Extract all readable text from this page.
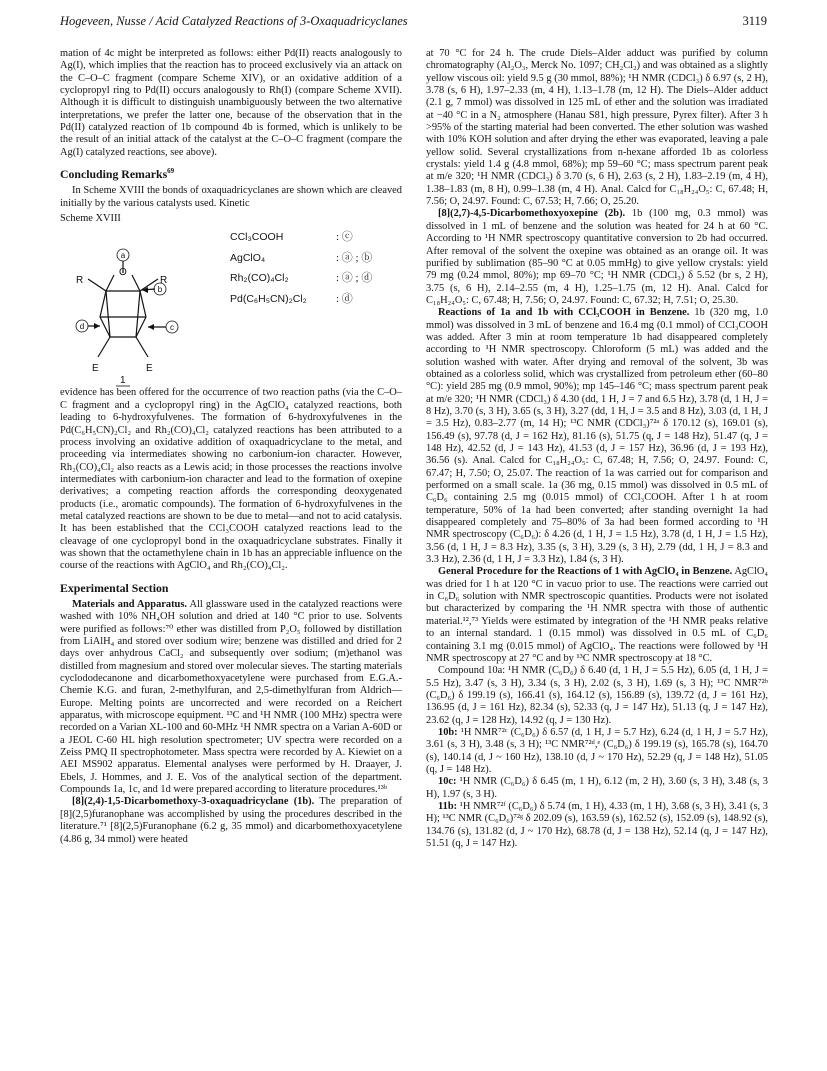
Hogeveen, Nusse / Acid Catalyzed Reactions of 3-Oxaquadricyclanes	3119

mation of 4c might be interpreted as follows: either Pd(II) reacts analogously to Ag(I), which implies that the reaction has to proceed exclusively via an attack on the C–O–C fragment (compare Scheme XIV), or an oxidative addition of a cyclopropyl ring to Pd(II) occurs analogously to Rh(I) (compare Scheme XVII). Although it is difficult to distinguish unambiguously between the two alternative interpretations, we prefer the latter one, because of the observation that in the Pd(II) catalyzed reaction of 1b compound 4b is formed, which is unlikely to be the result of an initial attack of the catalyst at the C–O–C fragment (compare the Ag(I) catalyzed reactions, see above).

Concluding Remarks$^{69}$

In Scheme XVIII the bonds of oxaquadricyclanes are shown which are cleaved initially by the various catalysts used. Kinetic

Scheme XVIII
R	R
O
E	E
1
a
b
c
d
CCl₃COOH	: ⓒ
AgClO₄	: ⓐ ; ⓑ
Rh₂(CO)₄Cl₂	: ⓐ ; ⓓ
Pd(C₆H₅CN)₂Cl₂	: ⓓ

evidence has been offered for the occurrence of two reaction paths (via the C–O–C fragment and a cyclopropyl ring) in the AgClO₄ catalyzed reactions, both leading to 6-hydroxyfulvenes. The formation of 6-hydroxyfulvenes in the Pd(C₆H₅CN)₂Cl₂ and Rh₂(CO)₄Cl₂ catalyzed reactions has been attributed to a process involving an oxidative addition of oxaquadricyclane to the metal, and proceeding via intermediates showing no carbonium-ion character. However, Rh₂(CO)₄Cl₂ also reacts as a Lewis acid; in those processes the reactions involve intermediates with carbonium-ion character and lead to the formation of oxepine derivatives; a competing reaction affords the corresponding deoxygenated products (i.e., aromatic compounds). The formation of 6-hydroxyfulvenes in the metal catalyzed reactions are shown to be due to metal—and not to acid catalysis. It has been established that the CCl₃COOH catalyzed reactions lead to the cleavage of one cyclopropyl bond in the oxaquadricyclane substrates. Finally it was shown that the octamethylene chain in 1b has an appreciable influence on the course of the reactions with AgClO₄ and Rh₂(CO)₄Cl₂.

Experimental Section

Materials and Apparatus. All glassware used in the catalyzed reactions were washed with 10% NH₄OH solution and dried at 140 °C prior to use. Solvents were purified as follows:⁷⁰ ether was distilled from P₂O₅ followed by distillation from LiAlH₄ and stored over sodium wire; benzene was distilled and dried for 2 days over anhydrous CaCl₂ and subsequently over sodium; (m)ethanol was distilled from magnesium and stored over molecular sieves. The starting materials cyclododecanone and dicarbomethoxyacetylene were purchased from E.G.A.-Chemie K.G. and furan, 2-methylfuran, and 2,5-dimethylfuran from Aldrich—Europe. Melting points are uncorrected and were recorded on a Reichert apparatus, with microscope equipment. ¹³C and ¹H NMR (100 MHz) spectra were recorded on a Varian XL-100 and 60-MHz ¹H NMR spectra on a Varian A-60D or a JEOL C-60 HL high resolution spectrometer; UV spectra were recorded on a Zeiss PMQ II spectrophotometer. Mass spectra were recorded by A. Kiewiet on a AEI MS902 apparatus. Elemental analyses were performed by H. Draayer, J. Ebels, J. Hommes, and J. E. Vos of the analytical section of the department. Compounds 1a, 1c, and 1d were prepared according to literature procedures.¹³ᵇ

[8](2,4)-1,5-Dicarbomethoxy-3-oxaquadricyclane (1b). The preparation of [8](2,5)furanophane was accomplished by using the procedures described in the literature.⁷¹ [8](2,5)Furanophane (6.2 g, 35 mmol) and dicarbomethoxyacetylene (4.86 g, 34 mmol) were heated

at 70 °C for 24 h. The crude Diels–Alder adduct was purified by column chromatography (Al₂O₃, Merck No. 1097; CH₂Cl₂) and was obtained as a slightly yellow viscous oil: yield 9.5 g (30 mmol, 88%); ¹H NMR (CDCl₃) δ 6.97 (s, 2 H), 3.78 (s, 6 H), 1.97–2.33 (m, 4 H), 1.13–1.78 (m, 12 H). The Diels–Alder adduct (2.1 g, 7 mmol) was dissolved in 125 mL of ether and the solution was irradiated at −40 °C in a N₂ atmosphere (Hanau S81, high pressure, Pyrex filter). After 3 h >95% of the starting material had been converted. The ether solution was washed with 10% KOH solution and after drying the ether was evaporated, leaving a pale yellow solid. Several crystallizations from n-hexane afforded 1b as colorless crystals: yield 1.4 g (4.8 mmol, 68%); mp 59–60 °C; mass spectrum parent peak at m/e 320; ¹H NMR (CDCl₃) δ 3.70 (s, 6 H), 2.63 (s, 2 H), 1.83–2.19 (m, 4 H), 1.38–1.83 (m, 8 H), 0.99–1.38 (m, 4 H). Anal. Calcd for C₁₈H₂₄O₅: C, 67.48; H, 7.56; O, 24.97. Found: C, 67.53; H, 7.66; O, 25.20.

[8](2,7)-4,5-Dicarbomethoxyoxepine (2b). 1b (100 mg, 0.3 mmol) was dissolved in 1 mL of benzene and the solution was heated for 24 h at 60 °C. According to ¹H NMR spectroscopy quantitative conversion to 2b had occurred. After removal of the solvent the oxepine was obtained as an orange oil. It was purified by sublimation (85–90 °C at 0.05 mmHg) to give yellow crystals: yield 79 mg (0.24 mmol, 80%); mp 69–70 °C; ¹H NMR (CDCl₃) δ 5.52 (br s, 2 H), 3.75 (s, 6 H), 2.14–2.55 (m, 4 H), 1.25–1.75 (m, 12 H). Anal. Calcd for C₁₈H₂₄O₅: C, 67.48; H, 7.56; O, 24.97. Found: C, 67.32; H, 7.51; O, 25.30.

Reactions of 1a and 1b with CCl₃COOH in Benzene. 1b (320 mg, 1.0 mmol) was dissolved in 3 mL of benzene and 16.4 mg (0.1 mmol) of CCl₃COOH was added. After 3 min at room temperature 1b had disappeared completely according to ¹H NMR spectroscopy. Chloroform (5 mL) was added and the solution washed with water. After drying and removal of the solvent, 3b was obtained as a colorless solid, which was crystallized from petroleum ether (60–80 °C): yield 285 mg (0.9 mmol, 90%); mp 145–146 °C; mass spectrum parent peak at m/e 320; ¹H NMR (CDCl₃) δ 4.30 (dd, 1 H, J = 7 and 6.5 Hz), 3.78 (d, 1 H, J = 8 Hz), 3.70 (s, 3 H), 3.65 (s, 3 H), 3.27 (dd, 1 H, J = 3.5 and 8 Hz), 3.03 (d, 1 H, J = 3.5 Hz), 0.83–2.77 (m, 14 H); ¹³C NMR (CDCl₃)⁷²ᵃ δ 170.12 (s), 169.01 (s), 156.49 (s), 97.78 (d, J = 162 Hz), 81.16 (s), 51.75 (q, J = 148 Hz), 51.47 (q, J = 148 Hz), 42.52 (d, J = 143 Hz), 41.53 (d, J = 157 Hz), 36.96 (d, J = 193 Hz), 36.56 (s). Anal. Calcd for C₁₈H₂₄O₅: C, 67.48; H, 7.56; O, 24.97. Found: C, 67.47; H, 7.50; O, 25.07. The reaction of 1a was carried out for comparison and performed on a small scale. 1a (36 mg, 0.15 mmol) was dissolved in 0.5 mL of C₆D₆ containing 2.5 mg (0.015 mmol) of CCl₃COOH. After 1 h at room temperature, 50% of 1a had been converted; after standing overnight 1a had disappeared completely and 75–80% of 3a had been formed according to ¹H NMR spectroscopy (C₆D₆): δ 4.26 (d, 1 H, J = 1.5 Hz), 3.78 (d, 1 H, J = 1.5 Hz), 3.56 (d, 1 H, J = 8.3 Hz), 3.35 (s, 3 H), 3.29 (s, 3 H), 2.79 (dd, 1 H, J = 8.3 and 3.3 Hz), 2.36 (d, 1 H, J = 3.3 Hz), 1.84 (s, 3 H).

General Procedure for the Reactions of 1 with AgClO₄ in Benzene. AgClO₄ was dried for 1 h at 120 °C in vacuo prior to use. The reactions were carried out in C₆D₆ solution with NMR spectroscopic quantities. Products were not isolated but characterized by comparing the ¹H NMR spectra with those of authentic material.¹²,⁷³ Yields were estimated by integration of the ¹H NMR peaks relative to an internal standard. 1 (0.15 mmol) was dissolved in 0.5 mL of C₆D₆ containing 3.1 mg (0.015 mmol) of AgClO₄. The reactions were followed by ¹H NMR spectroscopy at 27 °C and by ¹³C NMR spectroscopy at 18 °C.

Compound 10a: ¹H NMR (C₆D₆) δ 6.40 (d, 1 H, J = 5.5 Hz), 6.05 (d, 1 H, J = 5.5 Hz), 3.47 (s, 3 H), 3.34 (s, 3 H), 2.02 (s, 3 H), 1.69 (s, 3 H); ¹³C NMR⁷²ᵇ (C₆D₆) δ 199.19 (s), 166.41 (s), 164.12 (s), 156.89 (s), 139.72 (d, J = 161 Hz), 136.95 (d, J = 161 Hz), 82.34 (s), 52.33 (q, J = 147 Hz), 51.13 (q, J = 147 Hz), 23.62 (q, J = 128 Hz), 14.92 (q, J = 130 Hz).

10b: ¹H NMR⁷²ᶜ (C₆D₆) δ 6.57 (d, 1 H, J = 5.7 Hz), 6.24 (d, 1 H, J = 5.7 Hz), 3.61 (s, 3 H), 3.48 (s, 3 H); ¹³C NMR⁷²ᵈ,ᵉ (C₆D₆) δ 199.19 (s), 165.78 (s), 164.70 (s), 140.14 (d, J ~ 160 Hz), 138.10 (d, J ~ 170 Hz), 52.29 (q, J = 148 Hz), 51.05 (q, J = 148 Hz).

10c: ¹H NMR (C₆D₆) δ 6.45 (m, 1 H), 6.12 (m, 2 H), 3.60 (s, 3 H), 3.48 (s, 3 H), 1.97 (s, 3 H).

11b: ¹H NMR⁷²ᶠ (C₆D₆) δ 5.74 (m, 1 H), 4.33 (m, 1 H), 3.68 (s, 3 H), 3.41 (s, 3 H); ¹³C NMR (C₆D₆)⁷²ᵍ δ 202.09 (s), 163.59 (s), 162.52 (s), 152.09 (s), 148.92 (s), 134.76 (s), 131.82 (d, J ~ 170 Hz), 68.78 (d, J = 138 Hz), 52.14 (q, J = 147 Hz), 51.51 (q, J = 147 Hz).
